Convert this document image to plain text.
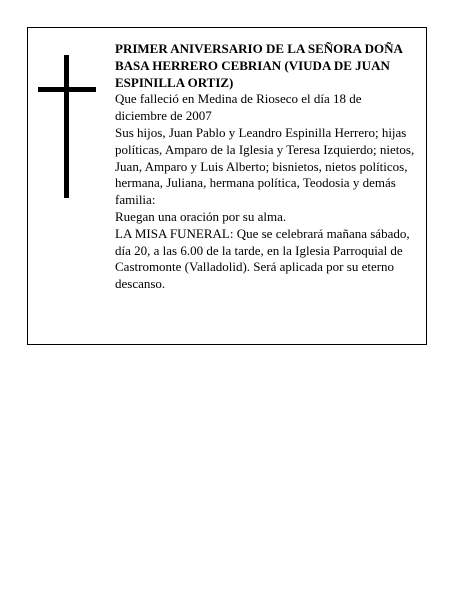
PRIMER ANIVERSARIO DE LA SEÑORA DOÑA BASA HERRERO CEBRIAN (VIUDA DE JUAN ESPINILLA ORTIZ)

Que falleció en Medina de Rioseco el día 18 de diciembre de 2007

Sus hijos, Juan Pablo y Leandro Espinilla Herrero; hijas políticas, Amparo de la Iglesia y Teresa Izquierdo; nietos, Juan, Amparo y Luis Alberto; bisnietos, nietos políticos, hermana, Juliana, hermana política, Teodosia y demás familia:

Ruegan una oración por su alma.

LA MISA FUNERAL: Que se celebrará mañana sábado, día 20, a las 6.00 de la tarde, en la Iglesia Parroquial de Castromonte (Valladolid). Será aplicada por su eterno descanso.
